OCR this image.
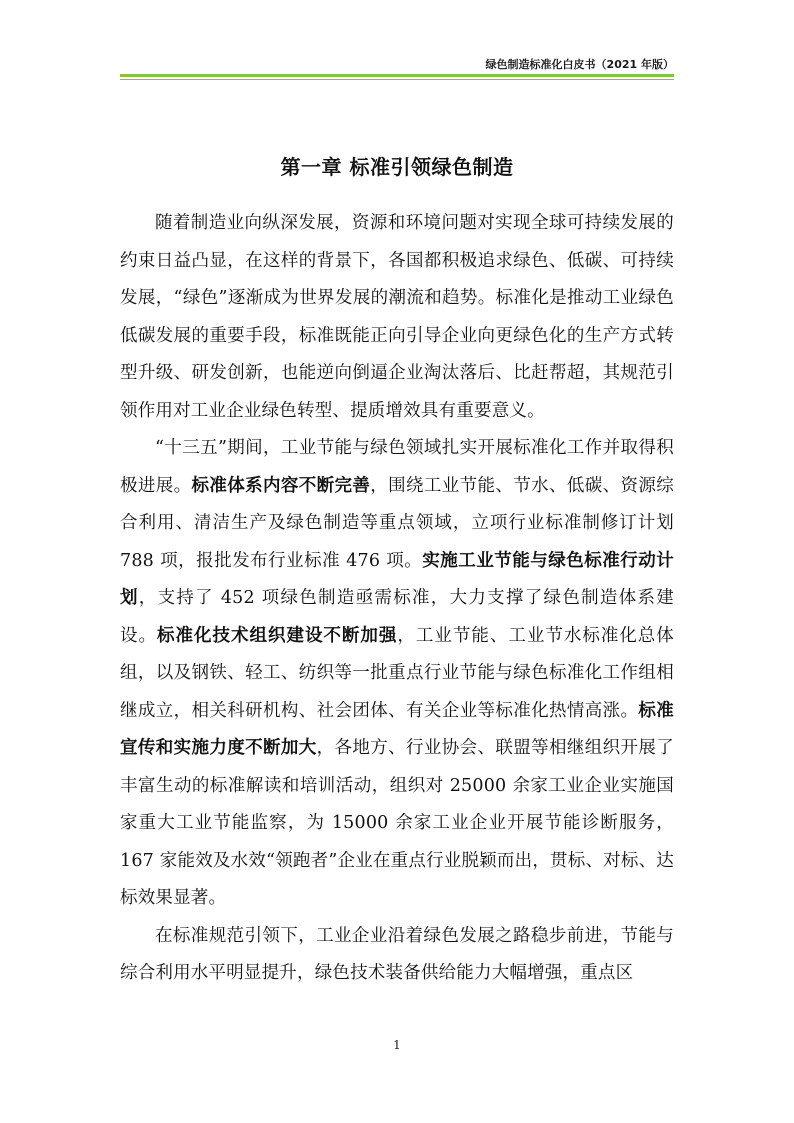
绿色制造标准化白皮书（2021 年版）
第一章 标准引领绿色制造

随着制造业向纵深发展，资源和环境问题对实现全球可持续发展的约束日益凸显，在这样的背景下，各国都积极追求绿色、低碳、可持续发展，“绿色”逐渐成为世界发展的潮流和趋势。标准化是推动工业绿色低碳发展的重要手段，标准既能正向引导企业向更绿色化的生产方式转型升级、研发创新，也能逆向倒逼企业淘汰落后、比赶帮超，其规范引领作用对工业企业绿色转型、提质增效具有重要意义。

“十三五”期间，工业节能与绿色领域扎实开展标准化工作并取得积极进展。标准体系内容不断完善，围绕工业节能、节水、低碳、资源综合利用、清洁生产及绿色制造等重点领域，立项行业标准制修订计划 788 项，报批发布行业标准 476 项。实施工业节能与绿色标准行动计划，支持了 452 项绿色制造亟需标准，大力支撑了绿色制造体系建设。标准化技术组织建设不断加强，工业节能、工业节水标准化总体组，以及钢铁、轻工、纺织等一批重点行业节能与绿色标准化工作组相继成立，相关科研机构、社会团体、有关企业等标准化热情高涨。标准宣传和实施力度不断加大，各地方、行业协会、联盟等相继组织开展了丰富生动的标准解读和培训活动，组织对 25000 余家工业企业实施国家重大工业节能监察，为 15000 余家工业企业开展节能诊断服务，167 家能效及水效“领跑者”企业在重点行业脱颖而出，贯标、对标、达标效果显著。

在标准规范引领下，工业企业沿着绿色发展之路稳步前进，节能与综合利用水平明显提升，绿色技术装备供给能力大幅增强，重点区

1
